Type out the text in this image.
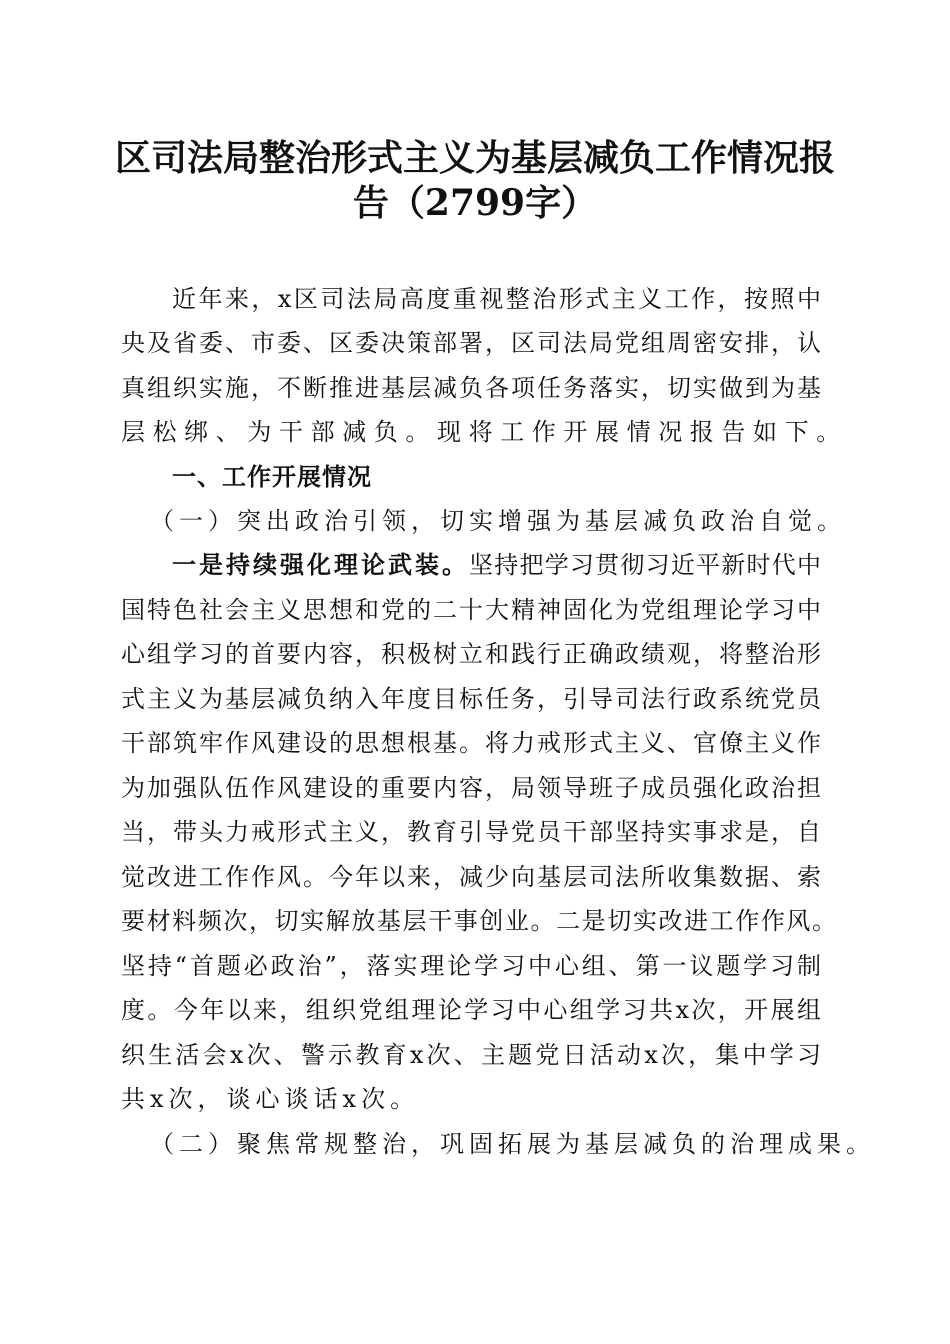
区司法局整治形式主义为基层减负工作情况报
告（2799字）
近年来，x区司法局高度重视整治形式主义工作，按照中
央及省委、市委、区委决策部署，区司法局党组周密安排，认
真组织实施，不断推进基层减负各项任务落实，切实做到为基
层松绑、为干部减负。现将工作开展情况报告如下。
一、工作开展情况
（一）突出政治引领，切实增强为基层减负政治自觉。
一是持续强化理论武装。 坚持把学习贯彻习近平新时代中
国特色社会主义思想和党的二十大精神固化为党组理论学习中
心组学习的首要内容，积极树立和践行正确政绩观，将整治形
式主义为基层减负纳入年度目标任务，引导司法行政系统党员
干部筑牢作风建设的思想根基。将力戒形式主义、官僚主义作
为加强队伍作风建设的重要内容，局领导班子成员强化政治担
当，带头力戒形式主义，教育引导党员干部坚持实事求是，自
觉改进工作作风。今年以来，减少向基层司法所收集数据、索
要材料频次，切实解放基层干事创业。二是切实改进工作作风。
坚持“首题必政治”，落实理论学习中心组、第一议题学习制
度。今年以来，组织党组理论学习中心组学习共x次，开展组
织生活会x次、警示教育x次、主题党日活动x次，集中学习
共x次，谈心谈话x次。
（二）聚焦常规整治，巩固拓展为基层减负的治理成果。
